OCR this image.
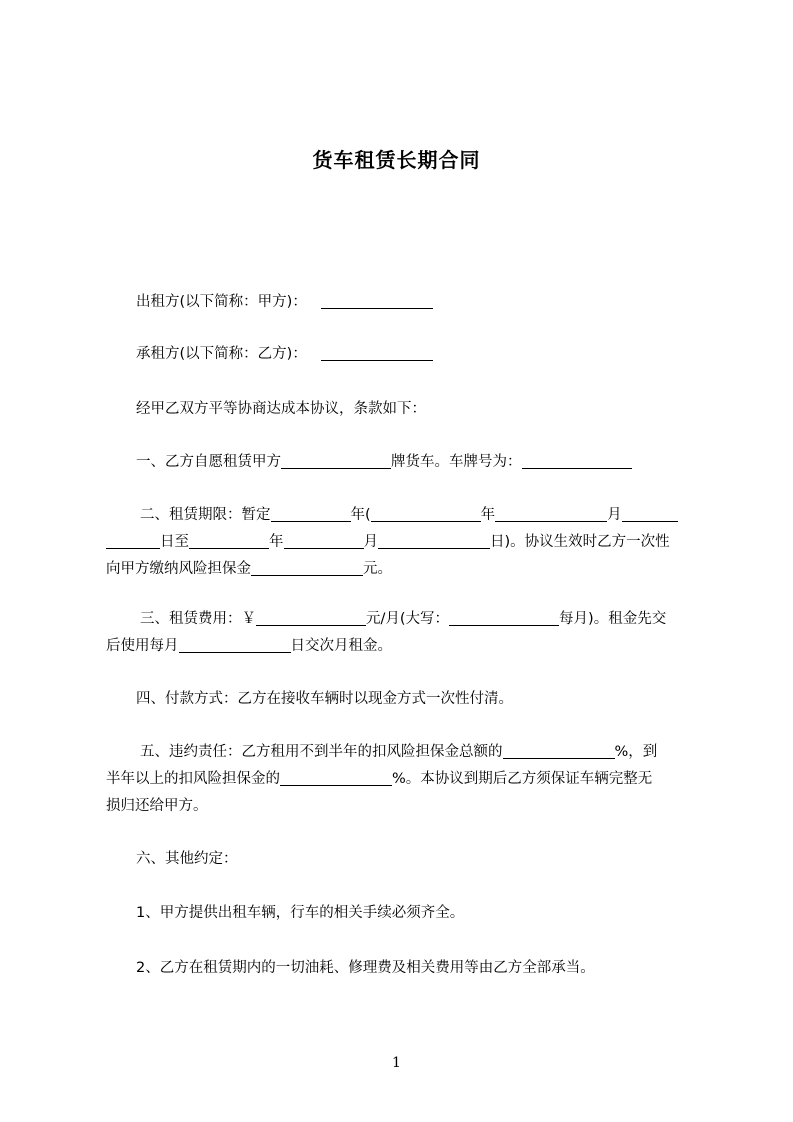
货车租赁长期合同
出租方(以下简称：甲方)：
承租方(以下简称：乙方)：
经甲乙双方平等协商达成本协议，条款如下：
一、乙方自愿租赁甲方	牌货车。车牌号为：
二、租赁期限：暂定	年(	年	月
日至	年	月	日)。协议生效时乙方一次性
向甲方缴纳风险担保金	元。
三、租赁费用：￥	元/月(大写：	每月)。租金先交
后使用每月	日交次月租金。
四、付款方式：乙方在接收车辆时以现金方式一次性付清。
五、违约责任：乙方租用不到半年的扣风险担保金总额的	%，到
半年以上的扣风险担保金的	%。本协议到期后乙方须保证车辆完整无
损归还给甲方。
六、其他约定：
1、甲方提供出租车辆，行车的相关手续必须齐全。
2、乙方在租赁期内的一切油耗、修理费及相关费用等由乙方全部承当。
1
